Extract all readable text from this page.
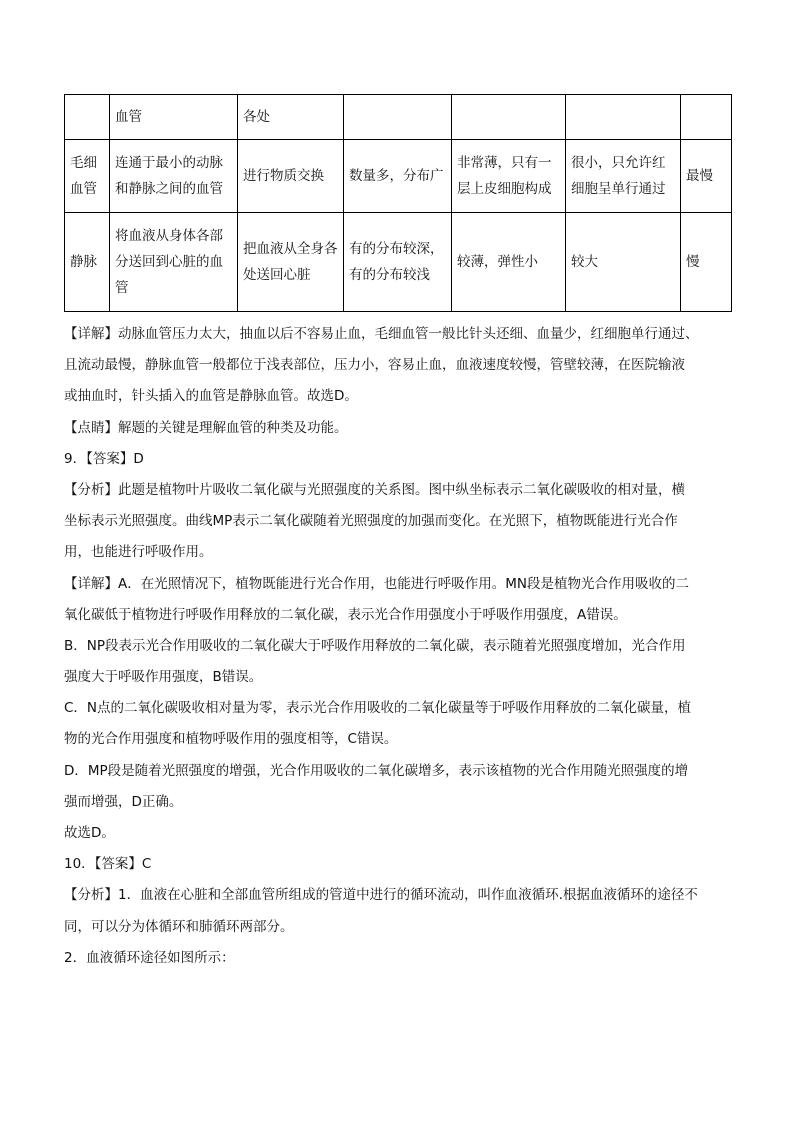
	血管	各处				
毛细血管	连通于最小的动脉和静脉之间的血管	进行物质交换	数量多，分布广	非常薄，只有一层上皮细胞构成	很小，只允许红细胞呈单行通过	最慢
静脉	将血液从身体各部分送回到心脏的血管	把血液从全身各处送回心脏	有的分布较深，有的分布较浅	较薄，弹性小	较大	慢
【详解】动脉血管压力太大，抽血以后不容易止血，毛细血管一般比针头还细、血量少，红细胞单行通过、
且流动最慢，静脉血管一般都位于浅表部位，压力小，容易止血，血液速度较慢，管壁较薄，在医院输液
或抽血时，针头插入的血管是静脉血管。故选D。
【点睛】解题的关键是理解血管的种类及功能。
9．【答案】D
【分析】此题是植物叶片吸收二氧化碳与光照强度的关系图。图中纵坐标表示二氧化碳吸收的相对量，横
坐标表示光照强度。曲线MP表示二氧化碳随着光照强度的加强而变化。在光照下，植物既能进行光合作
用，也能进行呼吸作用。
【详解】A．在光照情况下，植物既能进行光合作用，也能进行呼吸作用。MN段是植物光合作用吸收的二
氧化碳低于植物进行呼吸作用释放的二氧化碳，表示光合作用强度小于呼吸作用强度，A错误。
B．NP段表示光合作用吸收的二氧化碳大于呼吸作用释放的二氧化碳，表示随着光照强度增加，光合作用
强度大于呼吸作用强度，B错误。
C．N点的二氧化碳吸收相对量为零，表示光合作用吸收的二氧化碳量等于呼吸作用释放的二氧化碳量，植
物的光合作用强度和植物呼吸作用的强度相等，C错误。
D．MP段是随着光照强度的增强，光合作用吸收的二氧化碳增多，表示该植物的光合作用随光照强度的增
强而增强，D正确。
故选D。
10．【答案】C
【分析】1．血液在心脏和全部血管所组成的管道中进行的循环流动，叫作血液循环.根据血液循环的途径不
同，可以分为体循环和肺循环两部分。
2．血液循环途径如图所示：
